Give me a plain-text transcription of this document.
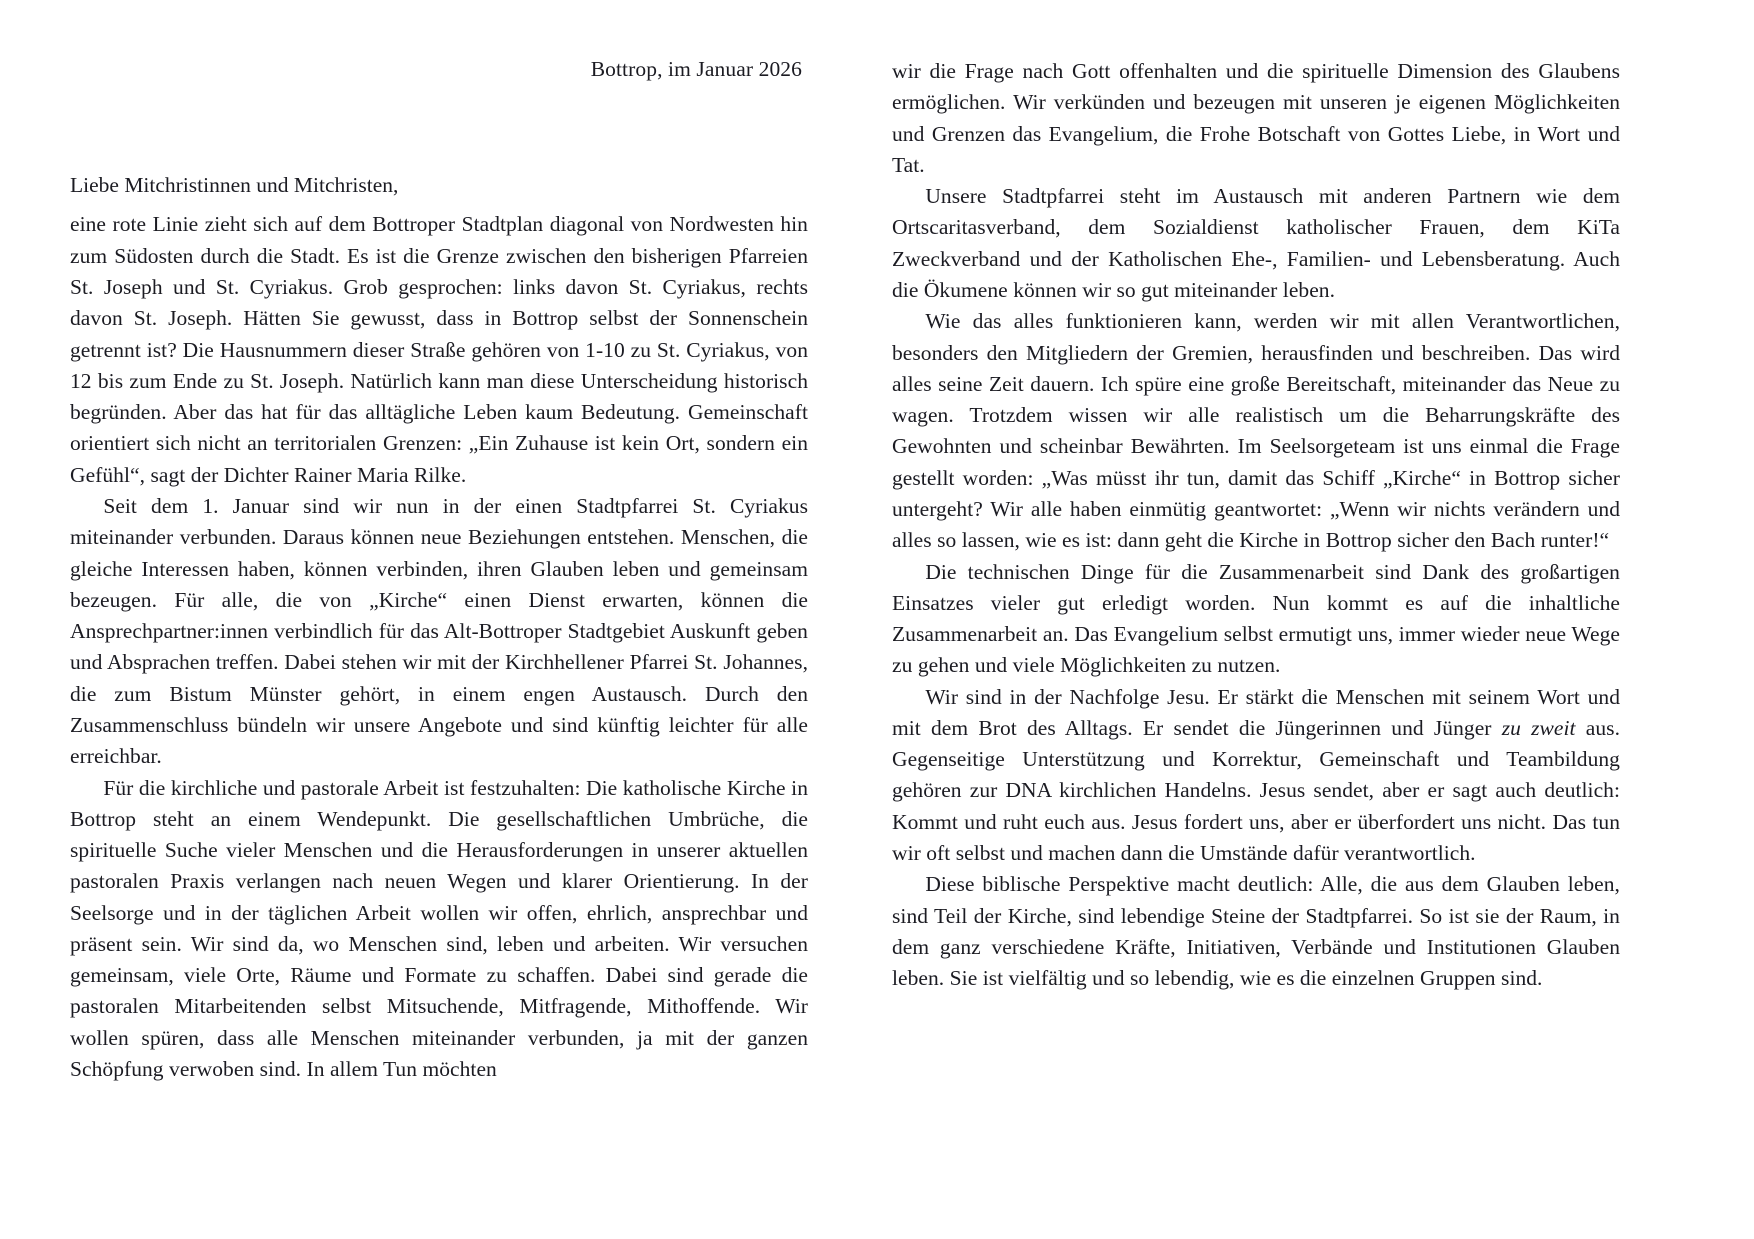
Bottrop, im Januar 2026
Liebe Mitchristinnen und Mitchristen,

eine rote Linie zieht sich auf dem Bottroper Stadtplan diagonal von Nordwesten hin zum Südosten durch die Stadt. Es ist die Grenze zwischen den bisherigen Pfarreien St. Joseph und St. Cyriakus. Grob gesprochen: links davon St. Cyriakus, rechts davon St. Joseph. Hätten Sie gewusst, dass in Bottrop selbst der Sonnenschein getrennt ist? Die Hausnummern dieser Straße gehören von 1-10 zu St. Cyriakus, von 12 bis zum Ende zu St. Joseph. Natürlich kann man diese Unterscheidung historisch begründen. Aber das hat für das alltägliche Leben kaum Bedeutung. Gemeinschaft orientiert sich nicht an territorialen Grenzen: „Ein Zuhause ist kein Ort, sondern ein Gefühl“, sagt der Dichter Rainer Maria Rilke.

Seit dem 1. Januar sind wir nun in der einen Stadtpfarrei St. Cyriakus miteinander verbunden. Daraus können neue Beziehungen entstehen. Menschen, die gleiche Interessen haben, können verbinden, ihren Glauben leben und gemeinsam bezeugen. Für alle, die von „Kirche“ einen Dienst erwarten, können die Ansprechpartner:innen verbindlich für das Alt-Bottroper Stadtgebiet Auskunft geben und Absprachen treffen. Dabei stehen wir mit der Kirchhellener Pfarrei St. Johannes, die zum Bistum Münster gehört, in einem engen Austausch. Durch den Zusammenschluss bündeln wir unsere Angebote und sind künftig leichter für alle erreichbar.

Für die kirchliche und pastorale Arbeit ist festzuhalten: Die katholische Kirche in Bottrop steht an einem Wendepunkt. Die gesellschaftlichen Umbrüche, die spirituelle Suche vieler Menschen und die Herausforderungen in unserer aktuellen pastoralen Praxis verlangen nach neuen Wegen und klarer Orientierung. In der Seelsorge und in der täglichen Arbeit wollen wir offen, ehrlich, ansprechbar und präsent sein. Wir sind da, wo Menschen sind, leben und arbeiten. Wir versuchen gemeinsam, viele Orte, Räume und Formate zu schaffen. Dabei sind gerade die pastoralen Mitarbeitenden selbst Mitsuchende, Mitfragende, Mithoffende. Wir wollen spüren, dass alle Menschen miteinander verbunden, ja mit der ganzen Schöpfung verwoben sind. In allem Tun möchten

wir die Frage nach Gott offenhalten und die spirituelle Dimension des Glaubens ermöglichen. Wir verkünden und bezeugen mit unseren je eigenen Möglichkeiten und Grenzen das Evangelium, die Frohe Botschaft von Gottes Liebe, in Wort und Tat.

Unsere Stadtpfarrei steht im Austausch mit anderen Partnern wie dem Ortscaritasverband, dem Sozialdienst katholischer Frauen, dem KiTa Zweckverband und der Katholischen Ehe-, Familien- und Lebensberatung. Auch die Ökumene können wir so gut miteinander leben.

Wie das alles funktionieren kann, werden wir mit allen Verantwortlichen, besonders den Mitgliedern der Gremien, herausfinden und beschreiben. Das wird alles seine Zeit dauern. Ich spüre eine große Bereitschaft, miteinander das Neue zu wagen. Trotzdem wissen wir alle realistisch um die Beharrungskräfte des Gewohnten und scheinbar Bewährten. Im Seelsorgeteam ist uns einmal die Frage gestellt worden: „Was müsst ihr tun, damit das Schiff „Kirche“ in Bottrop sicher untergeht? Wir alle haben einmütig geantwortet: „Wenn wir nichts verändern und alles so lassen, wie es ist: dann geht die Kirche in Bottrop sicher den Bach runter!“

Die technischen Dinge für die Zusammenarbeit sind Dank des großartigen Einsatzes vieler gut erledigt worden. Nun kommt es auf die inhaltliche Zusammenarbeit an. Das Evangelium selbst ermutigt uns, immer wieder neue Wege zu gehen und viele Möglichkeiten zu nutzen.

Wir sind in der Nachfolge Jesu. Er stärkt die Menschen mit seinem Wort und mit dem Brot des Alltags. Er sendet die Jüngerinnen und Jünger zu zweit aus. Gegenseitige Unterstützung und Korrektur, Gemeinschaft und Teambildung gehören zur DNA kirchlichen Handelns. Jesus sendet, aber er sagt auch deutlich: Kommt und ruht euch aus. Jesus fordert uns, aber er überfordert uns nicht. Das tun wir oft selbst und machen dann die Umstände dafür verantwortlich.

Diese biblische Perspektive macht deutlich: Alle, die aus dem Glauben leben, sind Teil der Kirche, sind lebendige Steine der Stadtpfarrei. So ist sie der Raum, in dem ganz verschiedene Kräfte, Initiativen, Verbände und Institutionen Glauben leben. Sie ist vielfältig und so lebendig, wie es die einzelnen Gruppen sind.
